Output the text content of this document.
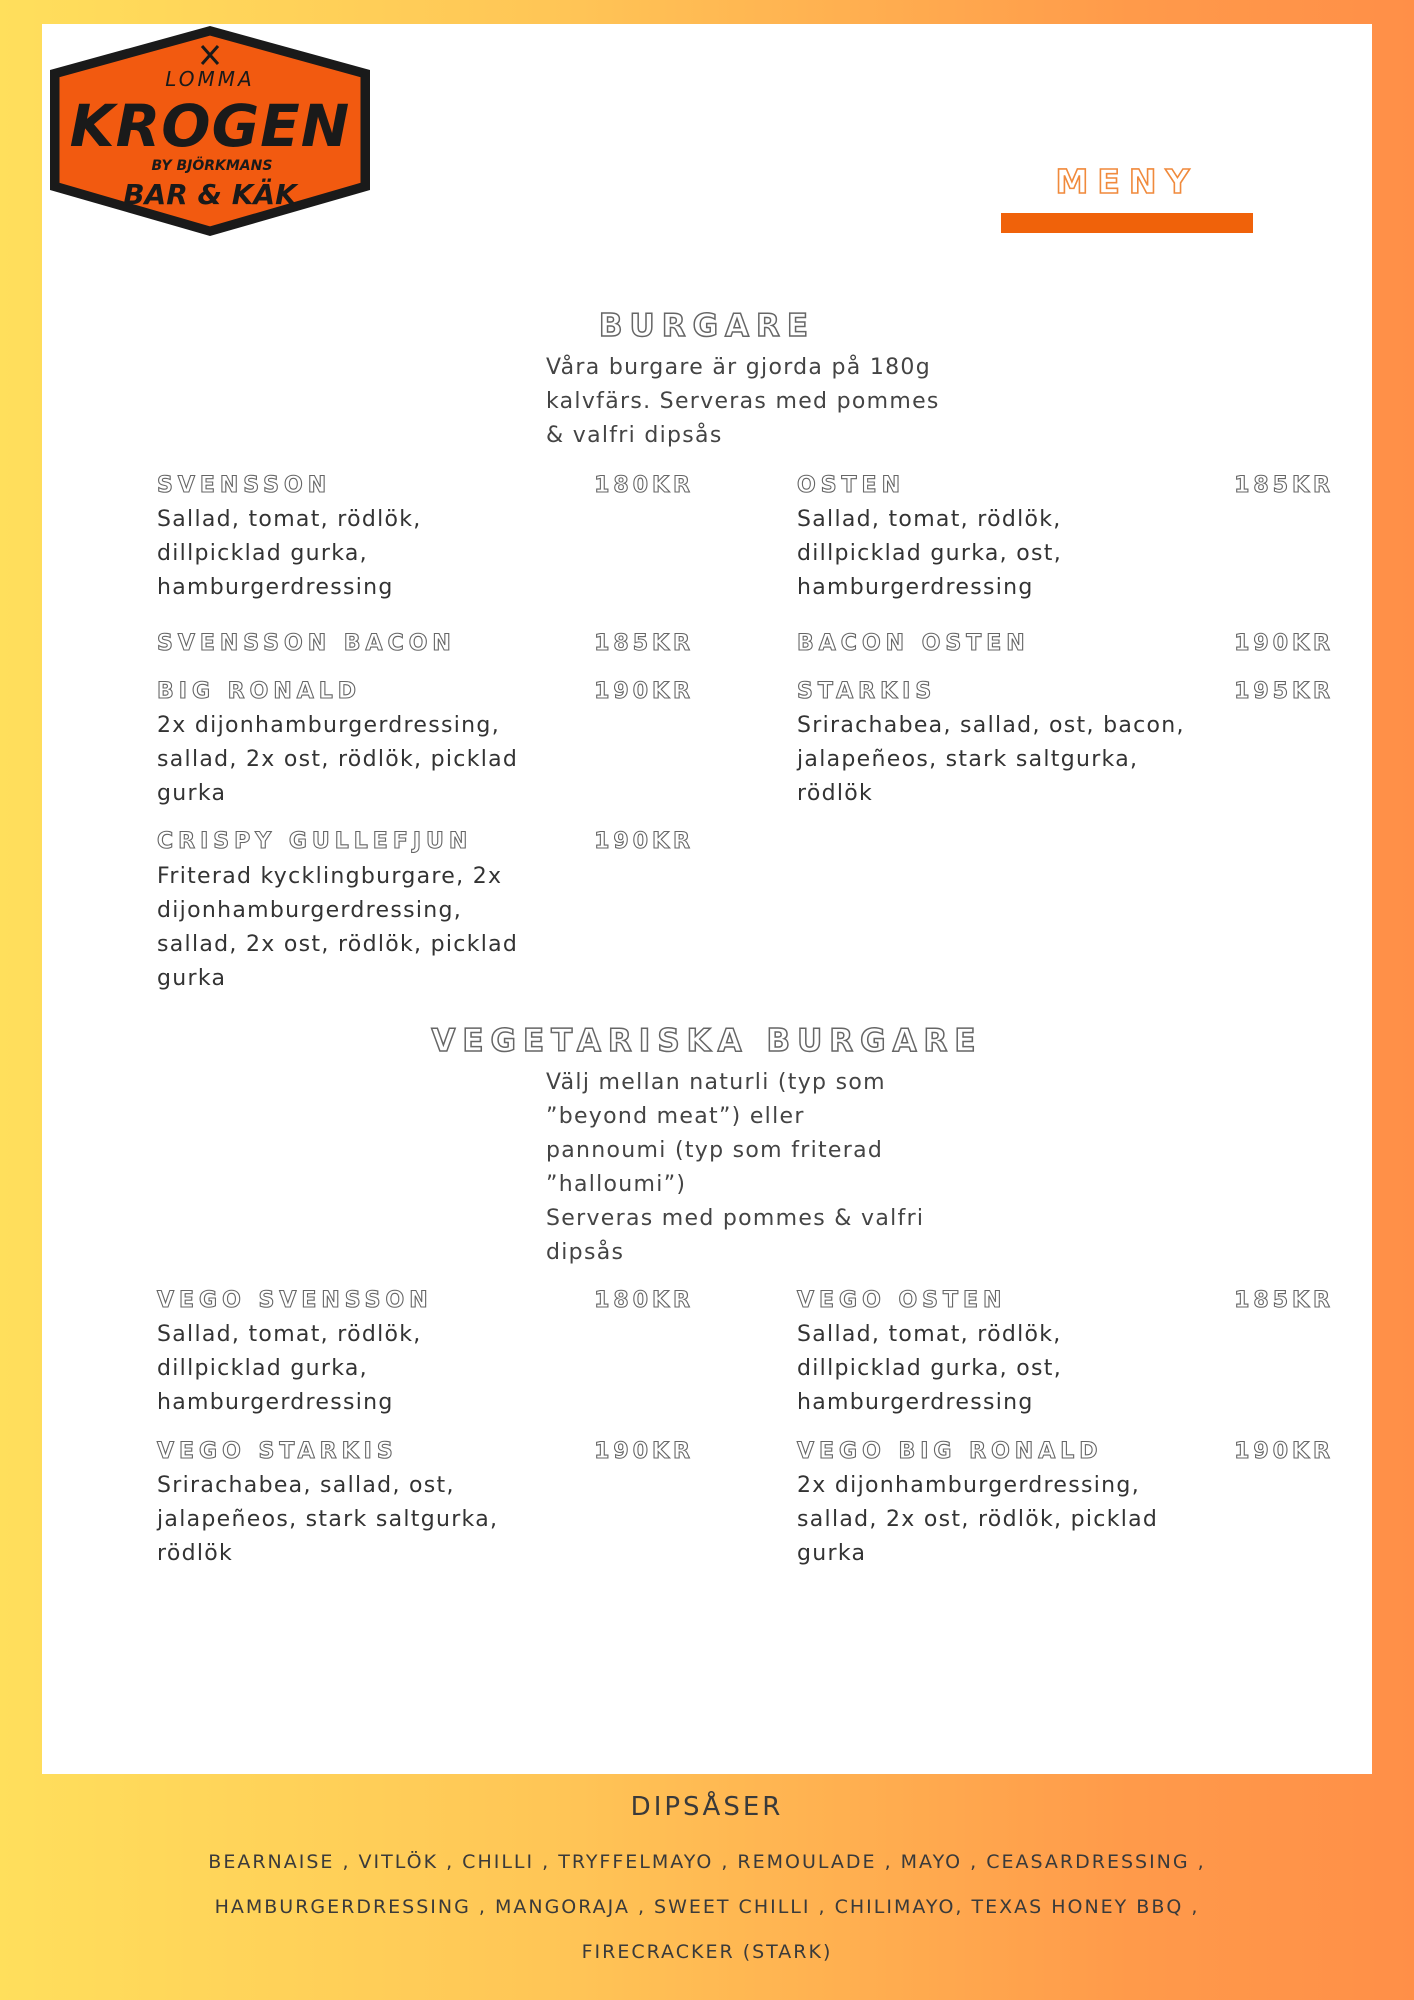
LOMMA
KROGEN
BY BJÖRKMANS
BAR & KÄK	MENY
BURGARE
Våra burgare är gjorda på 180g
kalvfärs. Serveras med pommes
& valfri dipsås
SVENSSON	180KR
Sallad, tomat, rödlök,
dillpicklad gurka,
hamburgerdressing
OSTEN	185KR
Sallad, tomat, rödlök,
dillpicklad gurka, ost,
hamburgerdressing
SVENSSON BACON	185KR	BACON OSTEN	190KR
BIG RONALD	190KR
2x dijonhamburgerdressing,
sallad, 2x ost, rödlök, picklad
gurka
STARKIS	195KR
Srirachabea, sallad, ost, bacon,
jalapeñeos, stark saltgurka,
rödlök
CRISPY GULLEFJUN	190KR
Friterad kycklingburgare, 2x
dijonhamburgerdressing,
sallad, 2x ost, rödlök, picklad
gurka
VEGETARISKA BURGARE
Välj mellan naturli (typ som
”beyond meat”) eller
pannoumi (typ som friterad
”halloumi”)
Serveras med pommes & valfri
dipsås
VEGO SVENSSON	180KR
Sallad, tomat, rödlök,
dillpicklad gurka,
hamburgerdressing
VEGO OSTEN	185KR
Sallad, tomat, rödlök,
dillpicklad gurka, ost,
hamburgerdressing
VEGO STARKIS	190KR
Srirachabea, sallad, ost,
jalapeñeos, stark saltgurka,
rödlök
VEGO BIG RONALD	190KR
2x dijonhamburgerdressing,
sallad, 2x ost, rödlök, picklad
gurka
DIPSÅSER
BEARNAISE , VITLÖK , CHILLI , TRYFFELMAYO , REMOULADE , MAYO , CEASARDRESSING ,
HAMBURGERDRESSING , MANGORAJA , SWEET CHILLI , CHILIMAYO, TEXAS HONEY BBQ ,
FIRECRACKER (STARK)
